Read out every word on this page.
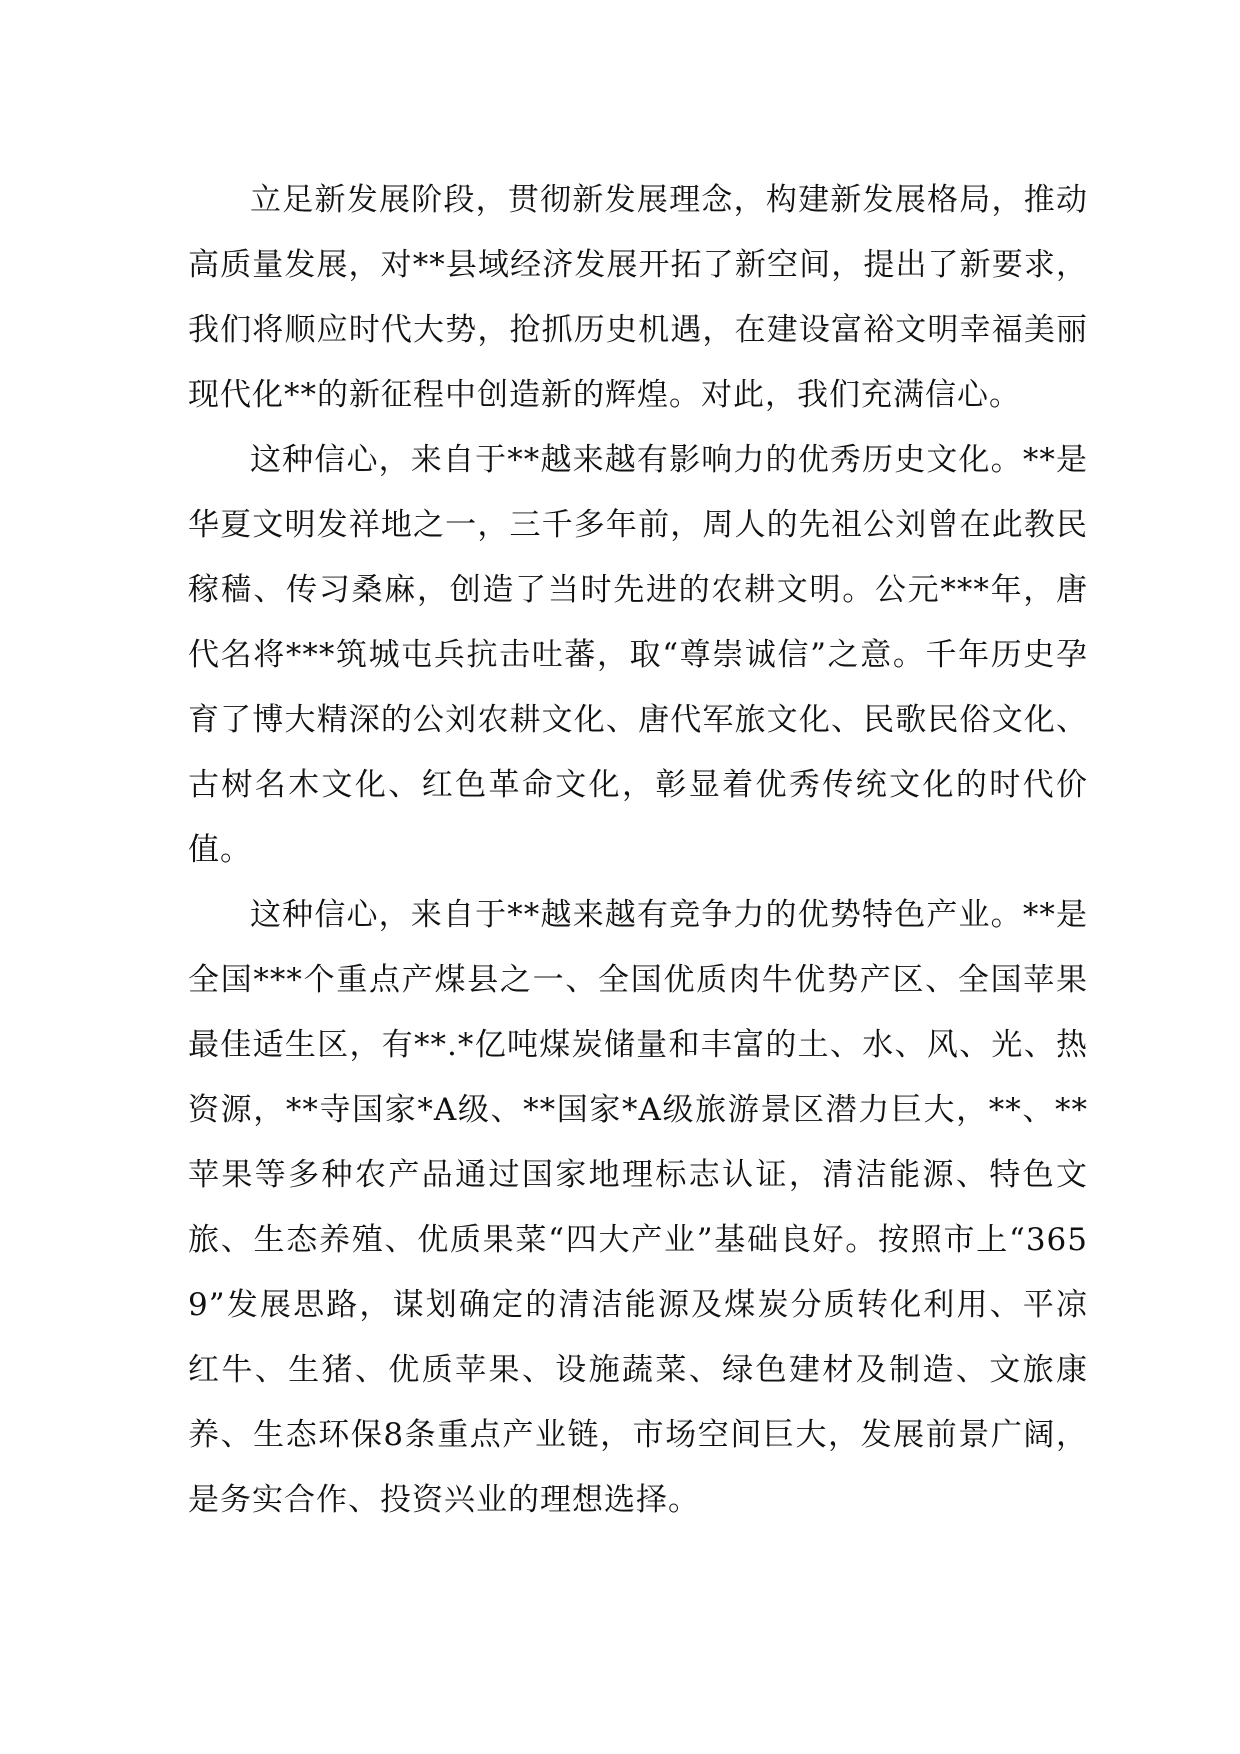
立足新发展阶段，贯彻新发展理念，构建新发展格局，推动高质量发展，对**县域经济发展开拓了新空间，提出了新要求，我们将顺应时代大势，抢抓历史机遇，在建设富裕文明幸福美丽现代化**的新征程中创造新的辉煌。对此，我们充满信心。

这种信心，来自于**越来越有影响力的优秀历史文化。**是华夏文明发祥地之一，三千多年前，周人的先祖公刘曾在此教民稼穑、传习桑麻，创造了当时先进的农耕文明。公元***年，唐代名将***筑城屯兵抗击吐蕃，取“尊崇诚信”之意。千年历史孕育了博大精深的公刘农耕文化、唐代军旅文化、民歌民俗文化、古树名木文化、红色革命文化，彰显着优秀传统文化的时代价值。

这种信心，来自于**越来越有竞争力的优势特色产业。**是全国***个重点产煤县之一、全国优质肉牛优势产区、全国苹果最佳适生区，有**.*亿吨煤炭储量和丰富的土、水、风、光、热资源，**寺国家*A级、**国家*A级旅游景区潜力巨大，**、**苹果等多种农产品通过国家地理标志认证，清洁能源、特色文旅、生态养殖、优质果菜“四大产业”基础良好。按照市上“3659”发展思路，谋划确定的清洁能源及煤炭分质转化利用、平凉红牛、生猪、优质苹果、设施蔬菜、绿色建材及制造、文旅康养、生态环保8条重点产业链，市场空间巨大，发展前景广阔，是务实合作、投资兴业的理想选择。
